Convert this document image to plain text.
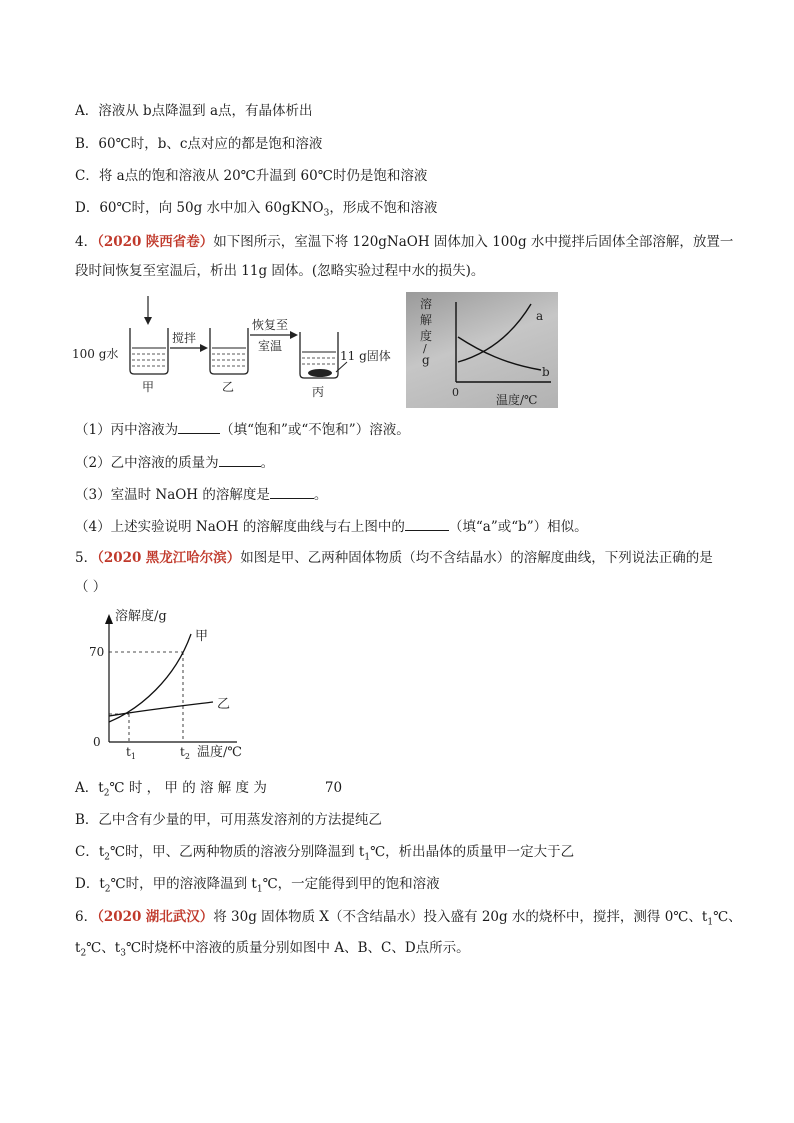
A．溶液从 b点降温到 a点，有晶体析出
B．60℃时，b、c点对应的都是饱和溶液
C．将 a点的饱和溶液从 20℃升温到 60℃时仍是饱和溶液
D．60℃时，向 50g 水中加入 60gKNO$_3$，形成不饱和溶液
4．（2020 陕西省卷）如下图所示，室温下将 120gNaOH 固体加入 100g 水中搅拌后固体全部溶解，放置一
段时间恢复至室温后，析出 11g 固体。(忽略实验过程中水的损失)。
100 g水
甲
搅拌
乙
恢复至
室温
11 g固体
丙
溶
解
度
/
g
a
b
0
温度/℃
（1）丙中溶液为	（填“饱和”或“不饱和”）溶液。
（2）乙中溶液的质量为	。
（3）室温时 NaOH 的溶解度是	。
（4）上述实验说明 NaOH 的溶解度曲线与右上图中的	（填“a”或“b”）相似。
5．（2020 黑龙江哈尔滨）如图是甲、乙两种固体物质（均不含结晶水）的溶解度曲线，下列说法正确的是
（ ）
溶解度/g
甲
乙
70
0
$t_1$	$t_2$ 温度/℃
A．$t_2℃$ 时 ， 甲 的 溶 解 度 为	70
B．乙中含有少量的甲，可用蒸发溶剂的方法提纯乙
C．$t_2℃$时，甲、乙两种物质的溶液分别降温到 $t_1℃$，析出晶体的质量甲一定大于乙
D．$t_2℃$时，甲的溶液降温到 $t_1℃$，一定能得到甲的饱和溶液
6．（2020 湖北武汉）将 30g 固体物质 X（不含结晶水）投入盛有 20g 水的烧杯中，搅拌，测得 0℃、$t_1℃$、
$t_2℃$、$t_3℃$时烧杯中溶液的质量分别如图中 A、B、C、D点所示。
